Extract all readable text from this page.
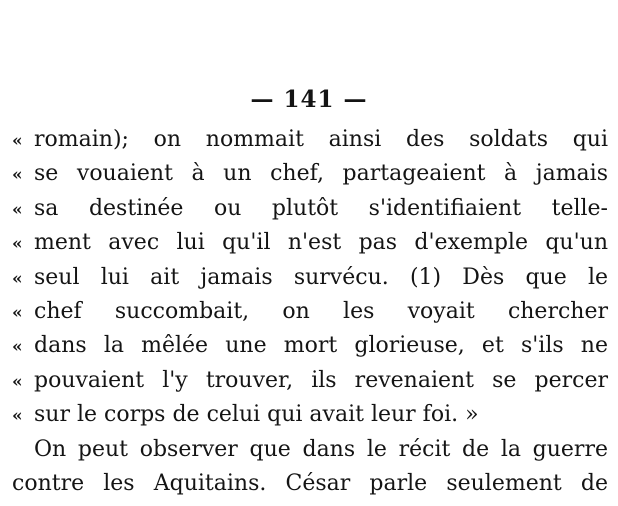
— 141 —
« romain); on nommait ainsi des soldats qui
« se vouaient à un chef, partageaient à jamais
« sa destinée ou plutôt s'identifiaient telle-
« ment avec lui qu'il n'est pas d'exemple qu'un
« seul lui ait jamais survécu. (1) Dès que le
« chef succombait, on les voyait chercher
« dans la mêlée une mort glorieuse, et s'ils ne
« pouvaient l'y trouver, ils revenaient se percer
« sur le corps de celui qui avait leur foi. »
On peut observer que dans le récit de la guerre
contre les Aquitains. César parle seulement de
